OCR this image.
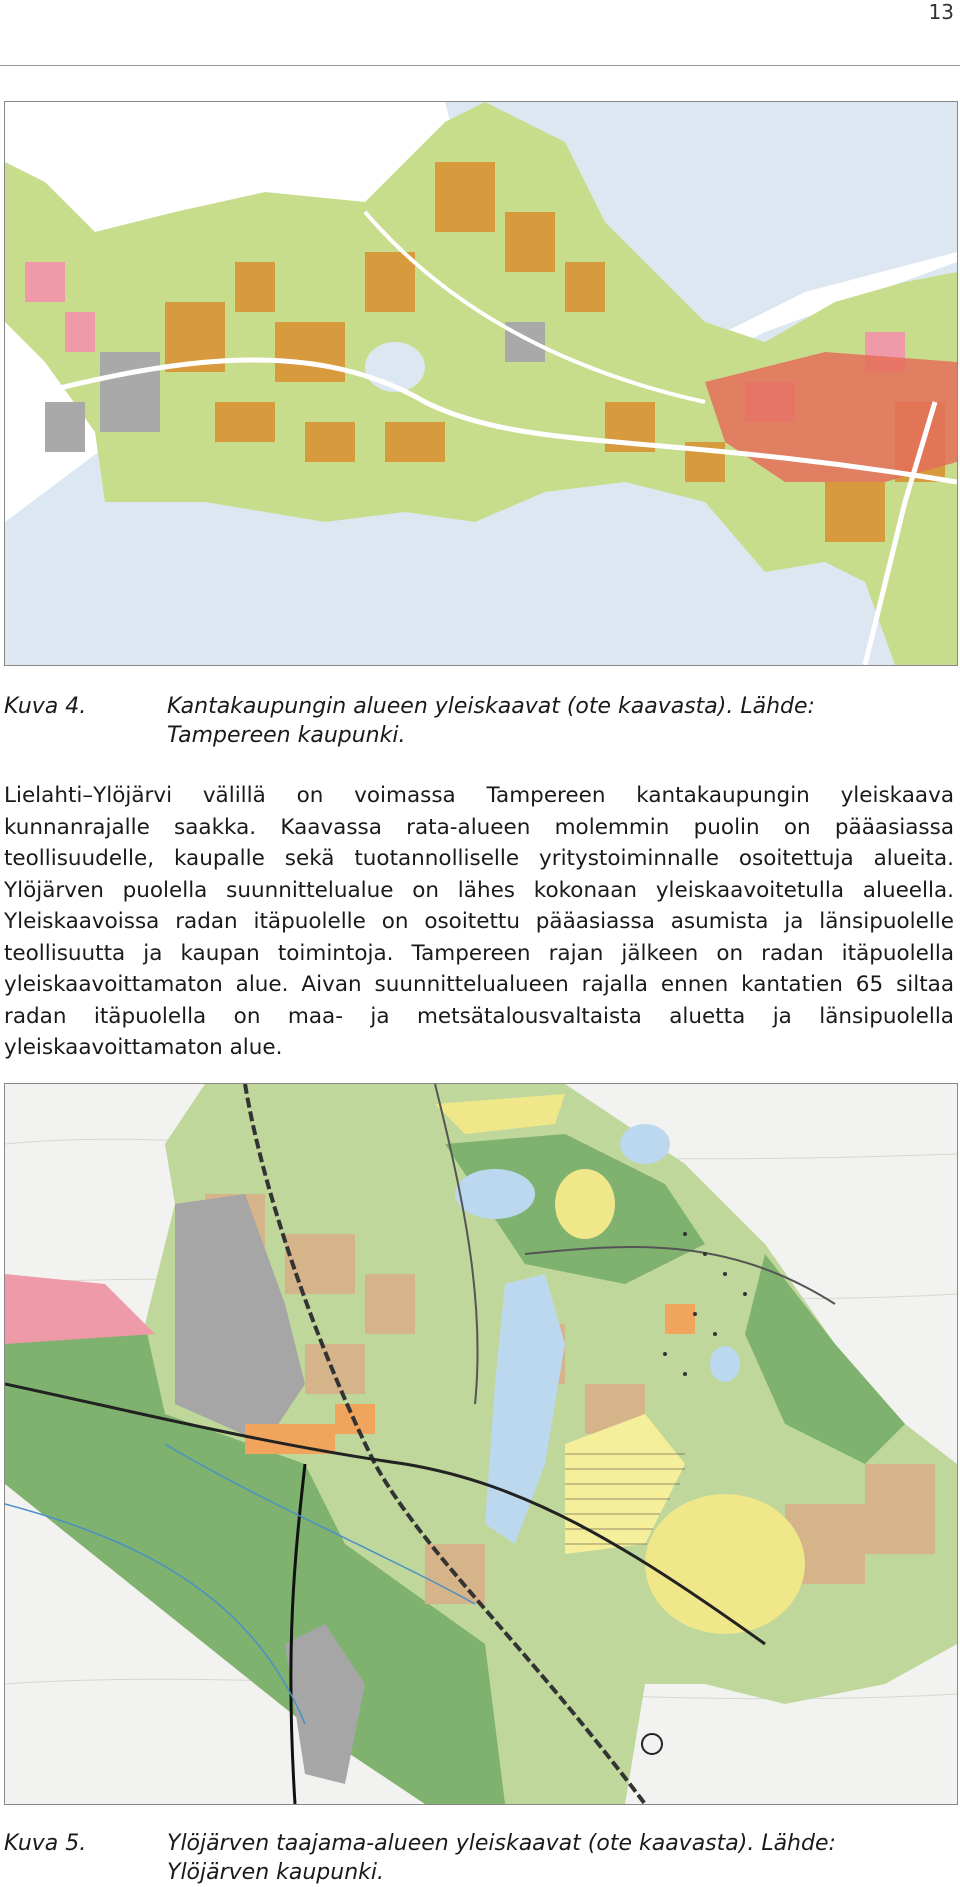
13
Kuva 4.	Kantakaupungin alueen yleiskaavat (ote kaavasta). Lähde: Tampereen kaupunki.

Lielahti–Ylöjärvi välillä on voimassa Tampereen kantakaupungin yleiskaava kunnanrajalle saakka. Kaavassa rata-alueen molemmin puolin on pääasiassa teollisuudelle, kaupalle sekä tuotannolliselle yritystoiminnalle osoitettuja alueita. Ylöjärven puolella suunnittelualue on lähes kokonaan yleiskaavoitetulla alueella. Yleiskaavoissa radan itäpuolelle on osoitettu pääasiassa asumista ja länsipuolelle teollisuutta ja kaupan toimintoja. Tampereen rajan jälkeen on radan itäpuolella yleiskaavoittamaton alue. Aivan suunnittelualueen rajalla ennen kantatien 65 siltaa radan itäpuolella on maa- ja metsätalousvaltaista aluetta ja länsipuolella yleiskaavoittamaton alue.

Kuva 5.	Ylöjärven taajama-alueen yleiskaavat (ote kaavasta). Lähde: Ylöjärven kaupunki.
